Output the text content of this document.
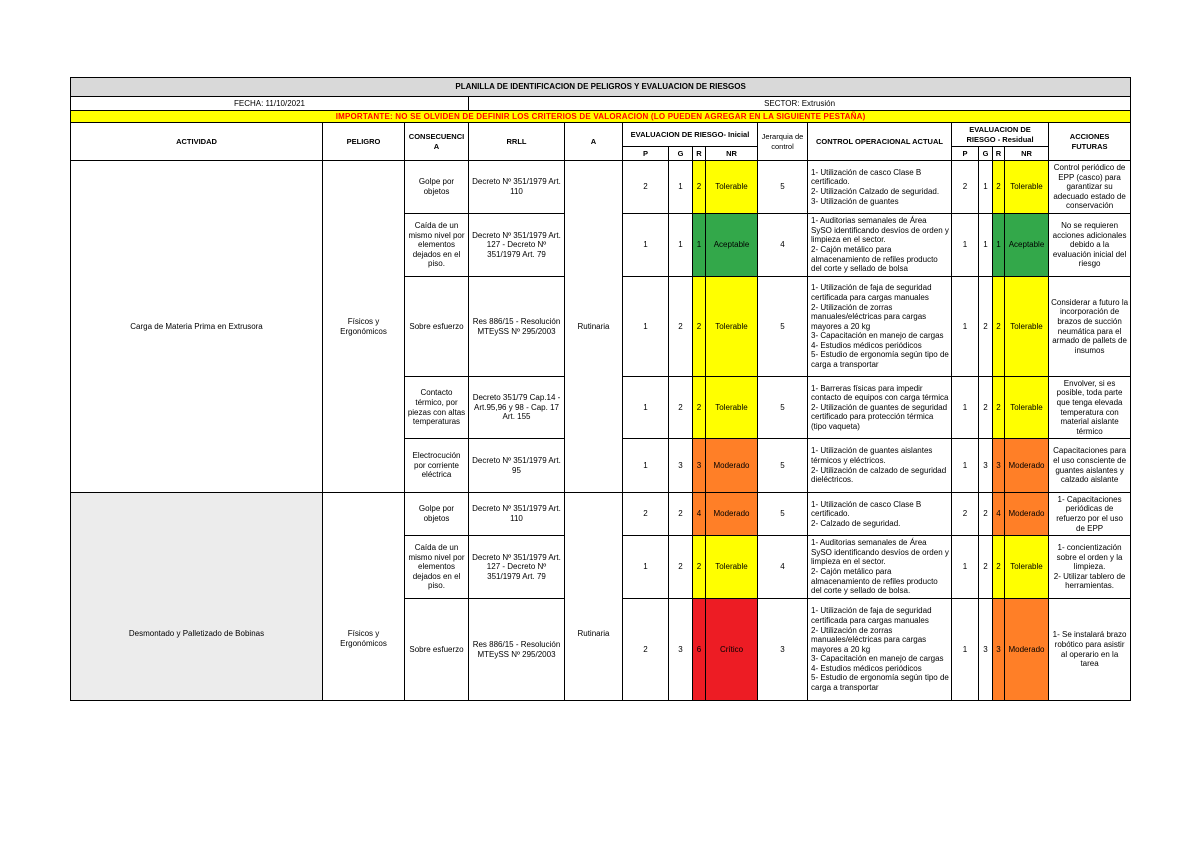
PLANILLA DE IDENTIFICACION DE PELIGROS Y EVALUACION DE RIESGOS															
FECHA: 11/10/2021			SECTOR: Extrusión												
IMPORTANTE: NO SE OLVIDEN DE DEFINIR LOS CRITERIOS DE VALORACION (LO PUEDEN AGREGAR EN LA SIGUIENTE PESTAÑA)															
ACTIVIDAD	PELIGRO	CONSECUENCIA	RRLL	A	EVALUACION DE RIESGO- Inicial				Jerarquia de control	CONTROL OPERACIONAL ACTUAL	EVALUACION DE RIESGO - Residual				ACCIONES FUTURAS
					P	G	R	NR			P	G	R	NR	
Carga de Materia Prima en Extrusora	Físicos y Ergonómicos	Golpe por objetos	Decreto Nº 351/1979 Art. 110	Rutinaria	2	1	2	Tolerable	5	1- Utilización de casco Clase B certificado.
2- Utilización Calzado de seguridad.
3- Utilización de guantes	2	1	2	Tolerable	Control periódico de EPP (casco) para garantizar su adecuado estado de conservación
		Caída de un mismo nivel por elementos dejados en el piso.	Decreto Nº 351/1979 Art. 127 - Decreto Nº 351/1979 Art. 79		1	1	1	Aceptable	4	1- Auditorias semanales de Área SySO identificando desvíos de orden y limpieza en el sector.
2- Cajón metálico para almacenamiento de refiles producto del corte y sellado de bolsa	1	1	1	Aceptable	No se requieren acciones adicionales debido a la evaluación inicial del riesgo
		Sobre esfuerzo	Res 886/15 - Resolución MTEySS Nº 295/2003		1	2	2	Tolerable	5	1- Utilización de faja de seguridad certificada para cargas manuales
2- Utilización de zorras manuales/eléctricas para cargas mayores a 20 kg
3- Capacitación en manejo de cargas
4- Estudios médicos periódicos
5- Estudio de ergonomía según tipo de carga a transportar	1	2	2	Tolerable	Considerar a futuro la incorporación de brazos de succión neumática para el armado de pallets de insumos
		Contacto térmico, por piezas con altas temperaturas	Decreto 351/79 Cap.14 - Art.95,96 y 98 - Cap. 17 Art. 155		1	2	2	Tolerable	5	1- Barreras físicas para impedir contacto de equipos con carga térmica
2- Utilización de guantes de seguridad certificado para protección térmica (tipo vaqueta)	1	2	2	Tolerable	Envolver, si es posible, toda parte que tenga elevada temperatura con material aislante térmico
		Electrocución por corriente eléctrica	Decreto Nº 351/1979 Art. 95		1	3	3	Moderado	5	1- Utilización de guantes aislantes térmicos y eléctricos.
2- Utilización de calzado de seguridad dieléctricos.	1	3	3	Moderado	Capacitaciones para el uso consciente de guantes aislantes y calzado aislante
Desmontado y Palletizado de Bobinas	Físicos y Ergonómicos	Golpe por objetos	Decreto Nº 351/1979 Art. 110	Rutinaria	2	2	4	Moderado	5	1- Utilización de casco Clase B certificado.
2- Calzado de seguridad.	2	2	4	Moderado	1- Capacitaciones periódicas de refuerzo por el uso de EPP
		Caída de un mismo nivel por elementos dejados en el piso.	Decreto Nº 351/1979 Art. 127 - Decreto Nº 351/1979 Art. 79		1	2	2	Tolerable	4	1- Auditorias semanales de Área SySO identificando desvíos de orden y limpieza en el sector.
2- Cajón metálico para almacenamiento de refiles producto del corte y sellado de bolsa.	1	2	2	Tolerable	1- concientización sobre el orden y la limpieza.
2- Utilizar tablero de herramientas.
		Sobre esfuerzo	Res 886/15 - Resolución MTEySS Nº 295/2003		2	3	6	Crítico	3	1- Utilización de faja de seguridad certificada para cargas manuales
2- Utilización de zorras manuales/eléctricas para cargas mayores a 20 kg
3- Capacitación en manejo de cargas
4- Estudios médicos periódicos
5- Estudio de ergonomía según tipo de carga a transportar	1	3	3	Moderado	1- Se instalará brazo robótico para asistir al operario en la tarea
